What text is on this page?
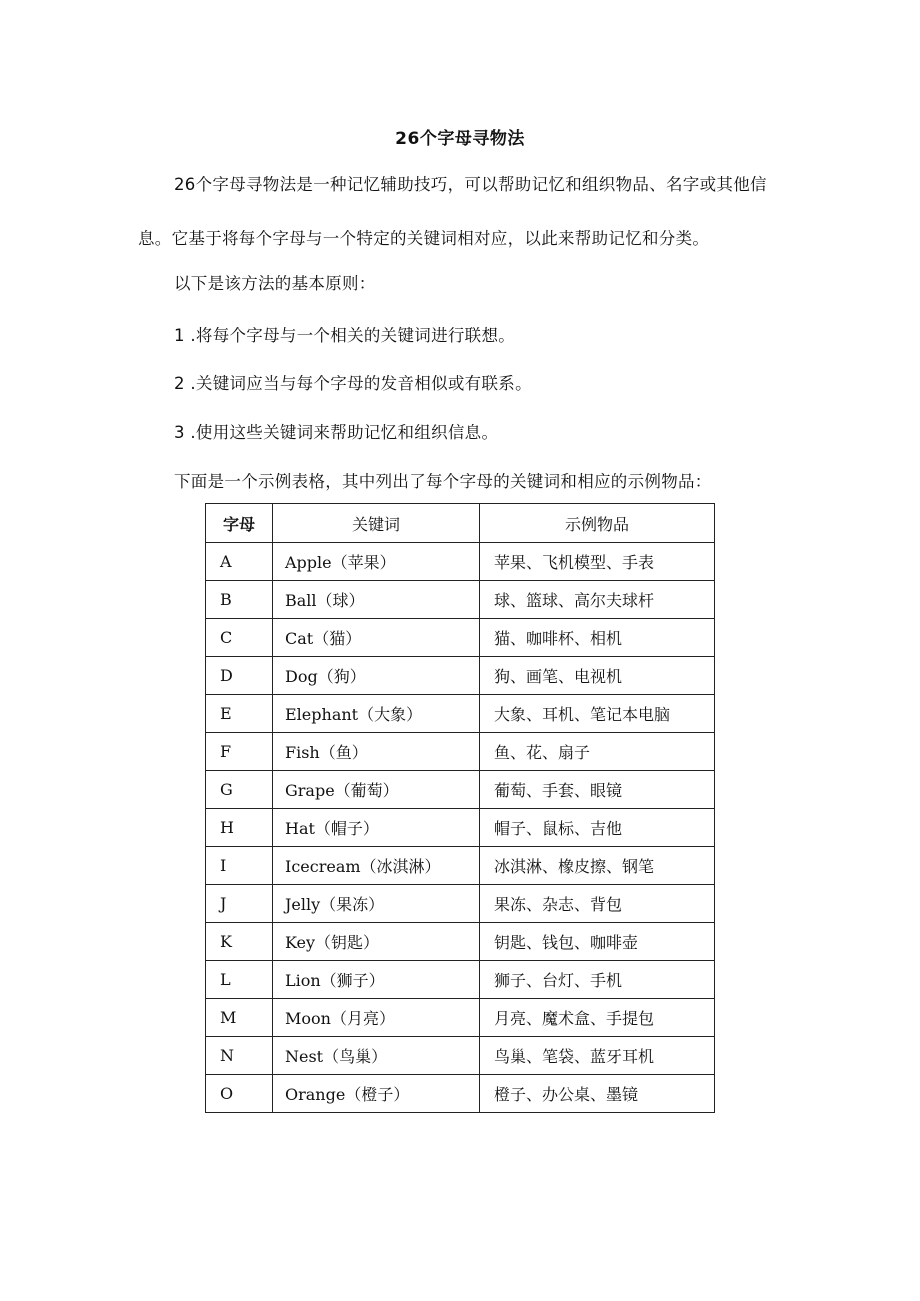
26个字母寻物法
26个字母寻物法是一种记忆辅助技巧，可以帮助记忆和组织物品、名字或其他信息。它基于将每个字母与一个特定的关键词相对应，以此来帮助记忆和分类。
以下是该方法的基本原则：
1 .将每个字母与一个相关的关键词进行联想。
2 .关键词应当与每个字母的发音相似或有联系。
3 .使用这些关键词来帮助记忆和组织信息。
下面是一个示例表格，其中列出了每个字母的关键词和相应的示例物品：
字母	关键词	示例物品
A	Apple（苹果）	苹果、飞机模型、手表
B	Ball（球）	球、篮球、高尔夫球杆
C	Cat（猫）	猫、咖啡杯、相机
D	Dog（狗）	狗、画笔、电视机
E	Elephant（大象）	大象、耳机、笔记本电脑
F	Fish（鱼）	鱼、花、扇子
G	Grape（葡萄）	葡萄、手套、眼镜
H	Hat（帽子）	帽子、鼠标、吉他
I	Icecream（冰淇淋）	冰淇淋、橡皮擦、钢笔
J	Jelly（果冻）	果冻、杂志、背包
K	Key（钥匙）	钥匙、钱包、咖啡壶
L	Lion（狮子）	狮子、台灯、手机
M	Moon（月亮）	月亮、魔术盒、手提包
N	Nest（鸟巢）	鸟巢、笔袋、蓝牙耳机
O	Orange（橙子）	橙子、办公桌、墨镜
